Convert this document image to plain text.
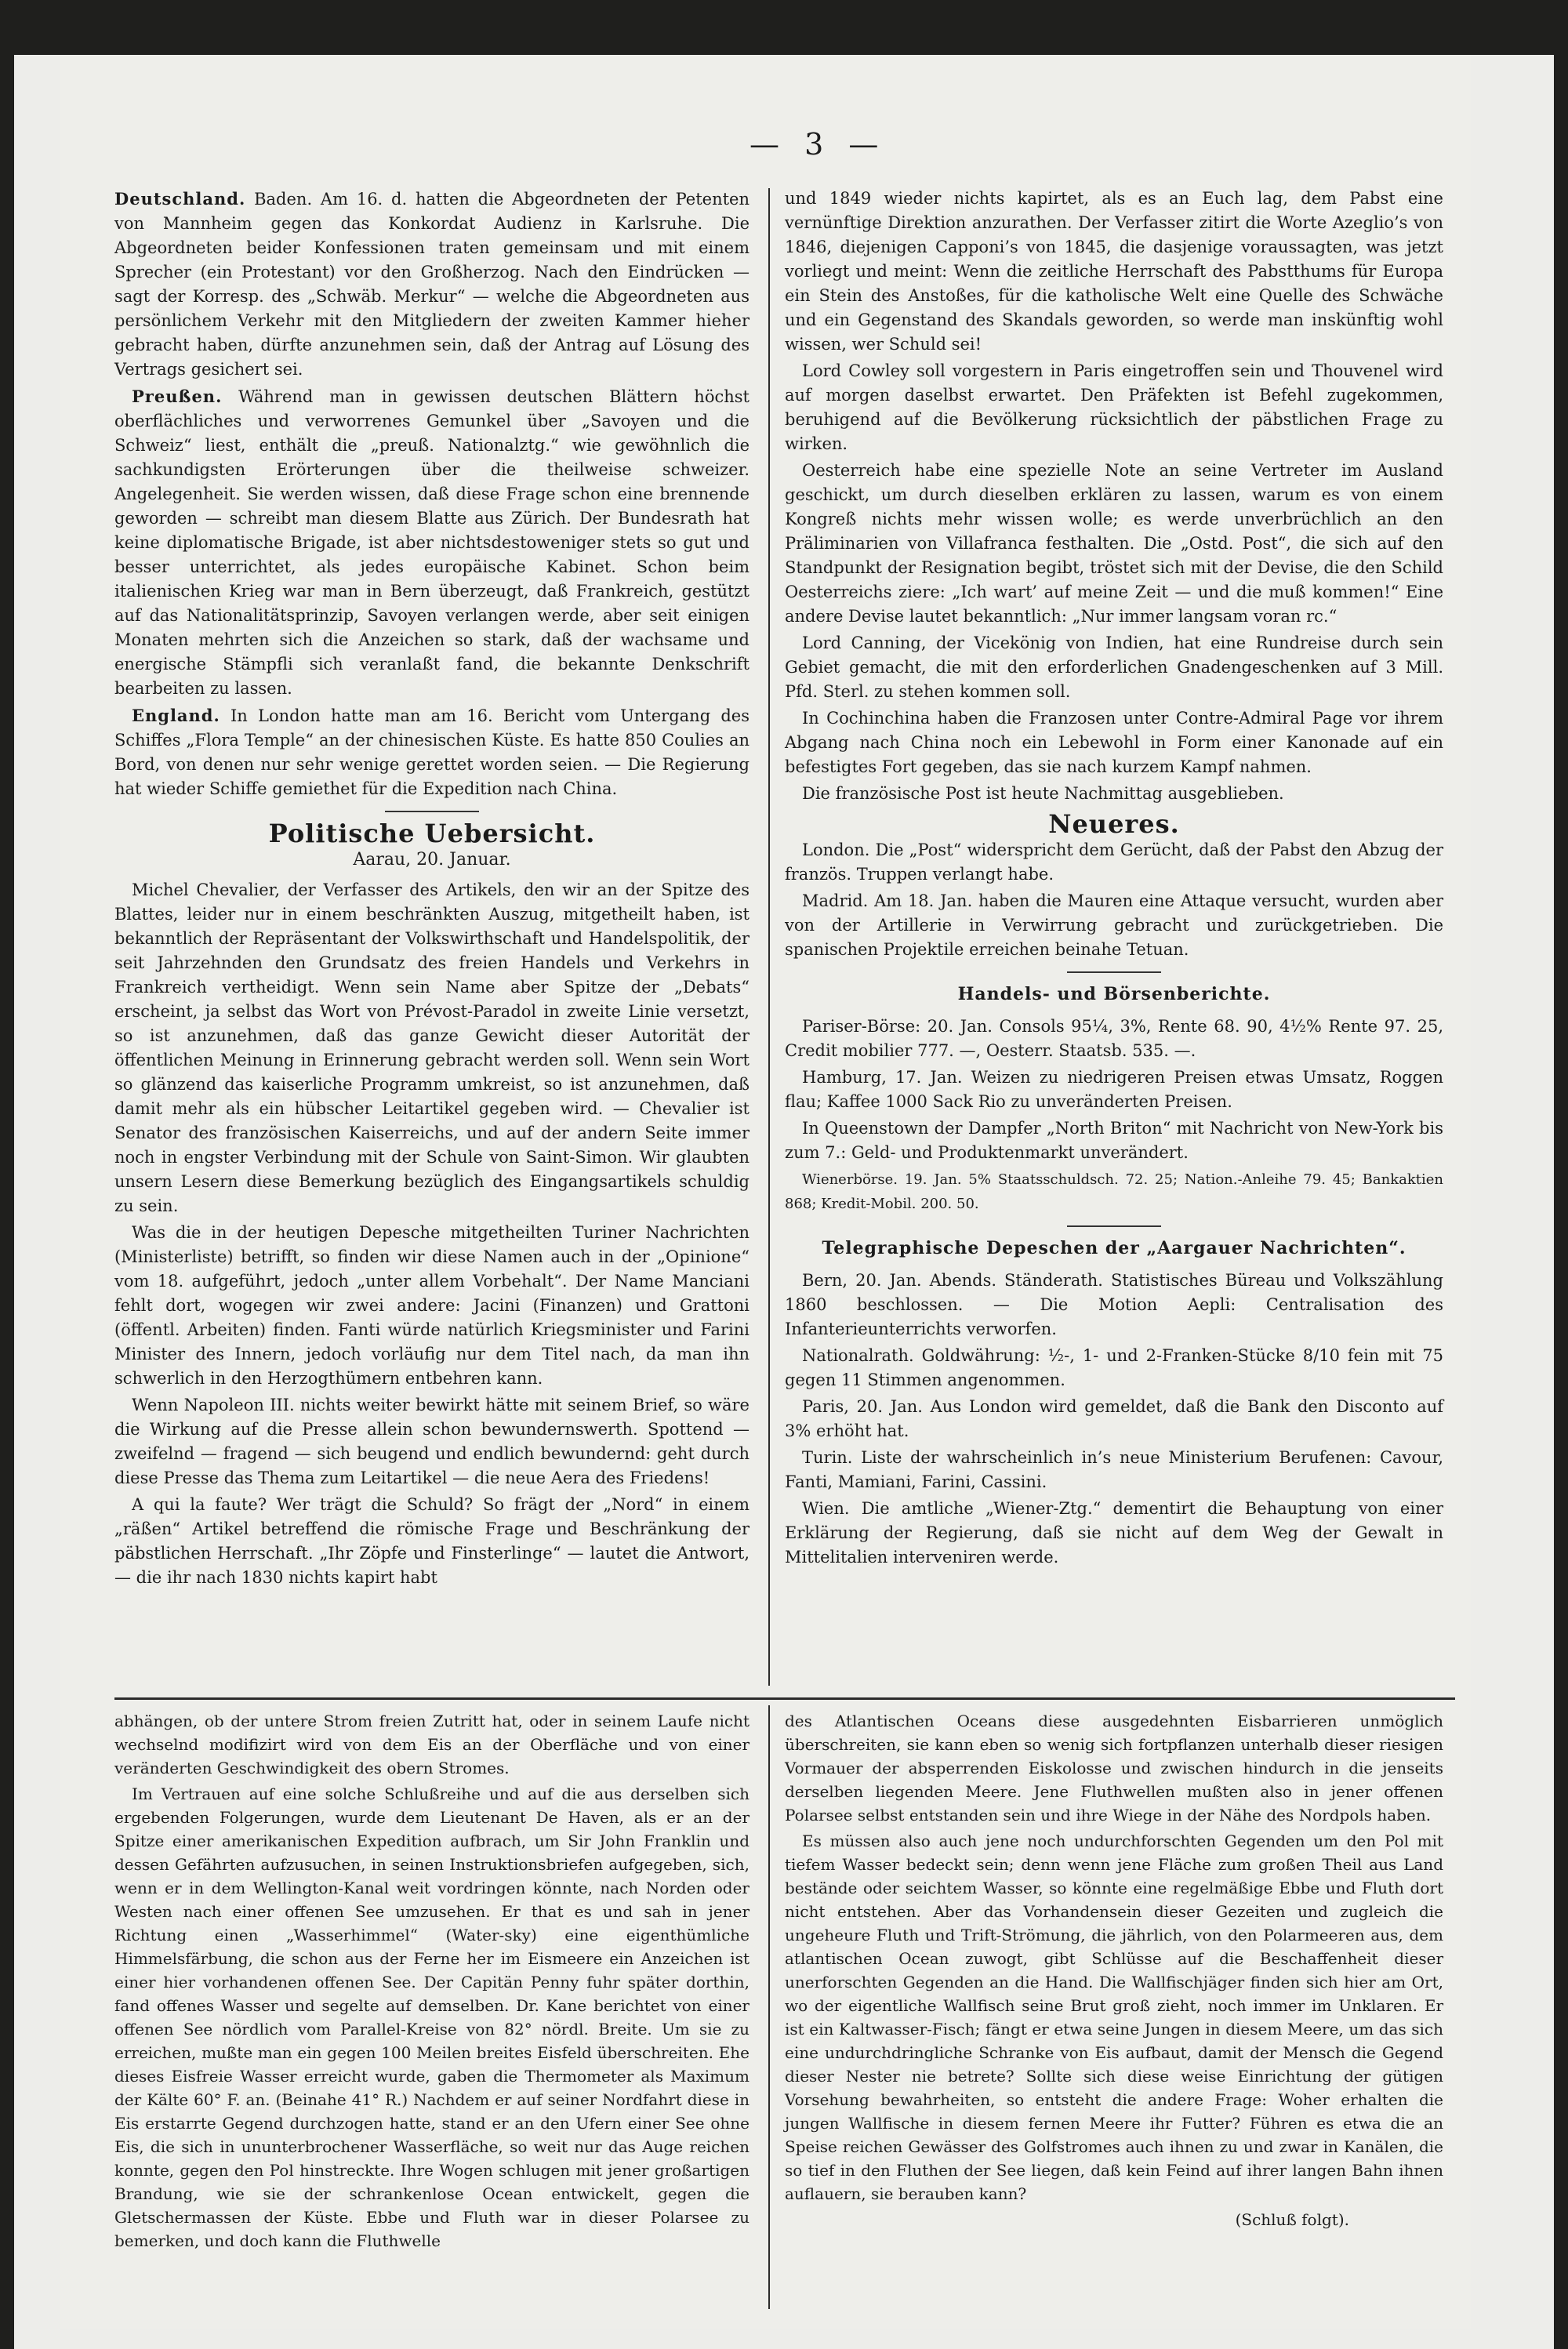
— 3 —

Deutschland. Baden. Am 16. d. hatten die Abgeordneten der Petenten von Mannheim gegen das Konkordat Audienz in Karlsruhe. Die Abgeordneten beider Konfessionen traten gemeinsam und mit einem Sprecher (ein Protestant) vor den Großherzog. Nach den Eindrücken — sagt der Korresp. des „Schwäb. Merkur“ — welche die Abgeordneten aus persönlichem Verkehr mit den Mitgliedern der zweiten Kammer hieher gebracht haben, dürfte anzunehmen sein, daß der Antrag auf Lösung des Vertrags gesichert sei.

Preußen. Während man in gewissen deutschen Blättern höchst oberflächliches und verworrenes Gemunkel über „Savoyen und die Schweiz“ liest, enthält die „preuß. Nationalztg.“ wie gewöhnlich die sachkundigsten Erörterungen über die theilweise schweizer. Angelegenheit. Sie werden wissen, daß diese Frage schon eine brennende geworden — schreibt man diesem Blatte aus Zürich. Der Bundesrath hat keine diplomatische Brigade, ist aber nichtsdestoweniger stets so gut und besser unterrichtet, als jedes europäische Kabinet. Schon beim italienischen Krieg war man in Bern überzeugt, daß Frankreich, gestützt auf das Nationalitätsprinzip, Savoyen verlangen werde, aber seit einigen Monaten mehrten sich die Anzeichen so stark, daß der wachsame und energische Stämpfli sich veranlaßt fand, die bekannte Denkschrift bearbeiten zu lassen.

England. In London hatte man am 16. Bericht vom Untergang des Schiffes „Flora Temple“ an der chinesischen Küste. Es hatte 850 Coulies an Bord, von denen nur sehr wenige gerettet worden seien. — Die Regierung hat wieder Schiffe gemiethet für die Expedition nach China.

Politische Uebersicht.
Aarau, 20. Januar.

Michel Chevalier, der Verfasser des Artikels, den wir an der Spitze des Blattes, leider nur in einem beschränkten Auszug, mitgetheilt haben, ist bekanntlich der Repräsentant der Volkswirthschaft und Handelspolitik, der seit Jahrzehnden den Grundsatz des freien Handels und Verkehrs in Frankreich vertheidigt. Wenn sein Name aber Spitze der „Debats“ erscheint, ja selbst das Wort von Prévost-Paradol in zweite Linie versetzt, so ist anzunehmen, daß das ganze Gewicht dieser Autorität der öffentlichen Meinung in Erinnerung gebracht werden soll. Wenn sein Wort so glänzend das kaiserliche Programm umkreist, so ist anzunehmen, daß damit mehr als ein hübscher Leitartikel gegeben wird. — Chevalier ist Senator des französischen Kaiserreichs, und auf der andern Seite immer noch in engster Verbindung mit der Schule von Saint-Simon. Wir glaubten unsern Lesern diese Bemerkung bezüglich des Eingangsartikels schuldig zu sein.

Was die in der heutigen Depesche mitgetheilten Turiner Nachrichten (Ministerliste) betrifft, so finden wir diese Namen auch in der „Opinione“ vom 18. aufgeführt, jedoch „unter allem Vorbehalt“. Der Name Manciani fehlt dort, wogegen wir zwei andere: Jacini (Finanzen) und Grattoni (öffentl. Arbeiten) finden. Fanti würde natürlich Kriegsminister und Farini Minister des Innern, jedoch vorläufig nur dem Titel nach, da man ihn schwerlich in den Herzogthümern entbehren kann.

Wenn Napoleon III. nichts weiter bewirkt hätte mit seinem Brief, so wäre die Wirkung auf die Presse allein schon bewundernswerth. Spottend — zweifelnd — fragend — sich beugend und endlich bewundernd: geht durch diese Presse das Thema zum Leitartikel — die neue Aera des Friedens!

A qui la faute? Wer trägt die Schuld? So frägt der „Nord“ in einem „räßen“ Artikel betreffend die römische Frage und Beschränkung der päbstlichen Herrschaft. „Ihr Zöpfe und Finsterlinge“ — lautet die Antwort, — die ihr nach 1830 nichts kapirt habt

und 1849 wieder nichts kapirtet, als es an Euch lag, dem Pabst eine vernünftige Direktion anzurathen. Der Verfasser zitirt die Worte Azeglio’s von 1846, diejenigen Capponi’s von 1845, die dasjenige voraussagten, was jetzt vorliegt und meint: Wenn die zeitliche Herrschaft des Pabstthums für Europa ein Stein des Anstoßes, für die katholische Welt eine Quelle des Schwäche und ein Gegenstand des Skandals geworden, so werde man inskünftig wohl wissen, wer Schuld sei!

Lord Cowley soll vorgestern in Paris eingetroffen sein und Thouvenel wird auf morgen daselbst erwartet. Den Präfekten ist Befehl zugekommen, beruhigend auf die Bevölkerung rücksichtlich der päbstlichen Frage zu wirken.

Oesterreich habe eine spezielle Note an seine Vertreter im Ausland geschickt, um durch dieselben erklären zu lassen, warum es von einem Kongreß nichts mehr wissen wolle; es werde unverbrüchlich an den Präliminarien von Villafranca festhalten. Die „Ostd. Post“, die sich auf den Standpunkt der Resignation begibt, tröstet sich mit der Devise, die den Schild Oesterreichs ziere: „Ich wart’ auf meine Zeit — und die muß kommen!“ Eine andere Devise lautet bekanntlich: „Nur immer langsam voran rc.“

Lord Canning, der Vicekönig von Indien, hat eine Rundreise durch sein Gebiet gemacht, die mit den erforderlichen Gnadengeschenken auf 3 Mill. Pfd. Sterl. zu stehen kommen soll.

In Cochinchina haben die Franzosen unter Contre-Admiral Page vor ihrem Abgang nach China noch ein Lebewohl in Form einer Kanonade auf ein befestigtes Fort gegeben, das sie nach kurzem Kampf nahmen.

Die französische Post ist heute Nachmittag ausgeblieben.

Neueres.

London. Die „Post“ widerspricht dem Gerücht, daß der Pabst den Abzug der französ. Truppen verlangt habe.

Madrid. Am 18. Jan. haben die Mauren eine Attaque versucht, wurden aber von der Artillerie in Verwirrung gebracht und zurückgetrieben. Die spanischen Projektile erreichen beinahe Tetuan.

Handels- und Börsenberichte.

Pariser-Börse: 20. Jan. Consols 95¼, 3%, Rente 68. 90, 4½% Rente 97. 25, Credit mobilier 777. —, Oesterr. Staatsb. 535. —.

Hamburg, 17. Jan. Weizen zu niedrigeren Preisen etwas Umsatz, Roggen flau; Kaffee 1000 Sack Rio zu unveränderten Preisen.

In Queenstown der Dampfer „North Briton“ mit Nachricht von New-York bis zum 7.: Geld- und Produktenmarkt unverändert.

Wienerbörse. 19. Jan. 5% Staatsschuldsch. 72. 25; Nation.-Anleihe 79. 45; Bankaktien 868; Kredit-Mobil. 200. 50.

Telegraphische Depeschen der „Aargauer Nachrichten“.

Bern, 20. Jan. Abends. Ständerath. Statistisches Büreau und Volkszählung 1860 beschlossen. — Die Motion Aepli: Centralisation des Infanterieunterrichts verworfen.

Nationalrath. Goldwährung: ½-, 1- und 2-Franken-Stücke 8/10 fein mit 75 gegen 11 Stimmen angenommen.

Paris, 20. Jan. Aus London wird gemeldet, daß die Bank den Disconto auf 3% erhöht hat.

Turin. Liste der wahrscheinlich in’s neue Ministerium Berufenen: Cavour, Fanti, Mamiani, Farini, Cassini.

Wien. Die amtliche „Wiener-Ztg.“ dementirt die Behauptung von einer Erklärung der Regierung, daß sie nicht auf dem Weg der Gewalt in Mittelitalien interveniren werde.

abhängen, ob der untere Strom freien Zutritt hat, oder in seinem Laufe nicht wechselnd modifizirt wird von dem Eis an der Oberfläche und von einer veränderten Geschwindigkeit des obern Stromes.

Im Vertrauen auf eine solche Schlußreihe und auf die aus derselben sich ergebenden Folgerungen, wurde dem Lieutenant De Haven, als er an der Spitze einer amerikanischen Expedition aufbrach, um Sir John Franklin und dessen Gefährten aufzusuchen, in seinen Instruktionsbriefen aufgegeben, sich, wenn er in dem Wellington-Kanal weit vordringen könnte, nach Norden oder Westen nach einer offenen See umzusehen. Er that es und sah in jener Richtung einen „Wasserhimmel“ (Water-sky) eine eigenthümliche Himmelsfärbung, die schon aus der Ferne her im Eismeere ein Anzeichen ist einer hier vorhandenen offenen See. Der Capitän Penny fuhr später dorthin, fand offenes Wasser und segelte auf demselben. Dr. Kane berichtet von einer offenen See nördlich vom Parallel-Kreise von 82° nördl. Breite. Um sie zu erreichen, mußte man ein gegen 100 Meilen breites Eisfeld überschreiten. Ehe dieses Eisfreie Wasser erreicht wurde, gaben die Thermometer als Maximum der Kälte 60° F. an. (Beinahe 41° R.) Nachdem er auf seiner Nordfahrt diese in Eis erstarrte Gegend durchzogen hatte, stand er an den Ufern einer See ohne Eis, die sich in ununterbrochener Wasserfläche, so weit nur das Auge reichen konnte, gegen den Pol hinstreckte. Ihre Wogen schlugen mit jener großartigen Brandung, wie sie der schrankenlose Ocean entwickelt, gegen die Gletschermassen der Küste. Ebbe und Fluth war in dieser Polarsee zu bemerken, und doch kann die Fluthwelle

des Atlantischen Oceans diese ausgedehnten Eisbarrieren unmöglich überschreiten, sie kann eben so wenig sich fortpflanzen unterhalb dieser riesigen Vormauer der absperrenden Eiskolosse und zwischen hindurch in die jenseits derselben liegenden Meere. Jene Fluthwellen mußten also in jener offenen Polarsee selbst entstanden sein und ihre Wiege in der Nähe des Nordpols haben.

Es müssen also auch jene noch undurchforschten Gegenden um den Pol mit tiefem Wasser bedeckt sein; denn wenn jene Fläche zum großen Theil aus Land bestände oder seichtem Wasser, so könnte eine regelmäßige Ebbe und Fluth dort nicht entstehen. Aber das Vorhandensein dieser Gezeiten und zugleich die ungeheure Fluth und Trift-Strömung, die jährlich, von den Polarmeeren aus, dem atlantischen Ocean zuwogt, gibt Schlüsse auf die Beschaffenheit dieser unerforschten Gegenden an die Hand. Die Wallfischjäger finden sich hier am Ort, wo der eigentliche Wallfisch seine Brut groß zieht, noch immer im Unklaren. Er ist ein Kaltwasser-Fisch; fängt er etwa seine Jungen in diesem Meere, um das sich eine undurchdringliche Schranke von Eis aufbaut, damit der Mensch die Gegend dieser Nester nie betrete? Sollte sich diese weise Einrichtung der gütigen Vorsehung bewahrheiten, so entsteht die andere Frage: Woher erhalten die jungen Wallfische in diesem fernen Meere ihr Futter? Führen es etwa die an Speise reichen Gewässer des Golfstromes auch ihnen zu und zwar in Kanälen, die so tief in den Fluthen der See liegen, daß kein Feind auf ihrer langen Bahn ihnen auflauern, sie berauben kann?

(Schluß folgt).
